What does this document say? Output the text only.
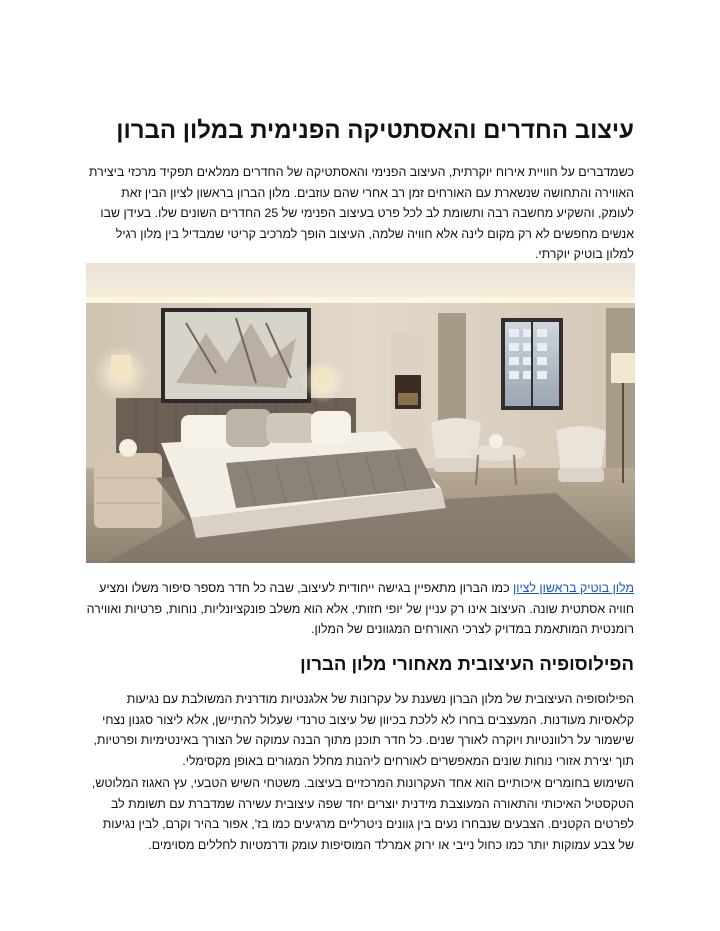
עיצוב החדרים והאסתטיקה הפנימית במלון הברון

כשמדברים על חוויית אירוח יוקרתית, העיצוב הפנימי והאסתטיקה של החדרים ממלאים תפקיד מרכזי ביצירת האווירה והתחושה שנשארת עם האורחים זמן רב אחרי שהם עוזבים. מלון הברון בראשון לציון הבין זאת לעומק, והשקיע מחשבה רבה ותשומת לב לכל פרט בעיצוב הפנימי של 25 החדרים השונים שלו. בעידן שבו אנשים מחפשים לא רק מקום לינה אלא חוויה שלמה, העיצוב הופך למרכיב קריטי שמבדיל בין מלון רגיל למלון בוטיק יוקרתי.

מלון בוטיק בראשון לציון כמו הברון מתאפיין בגישה ייחודית לעיצוב, שבה כל חדר מספר סיפור משלו ומציע חוויה אסתטית שונה. העיצוב אינו רק עניין של יופי חזותי, אלא הוא משלב פונקציונליות, נוחות, פרטיות ואווירה רומנטית המותאמת במדויק לצרכי האורחים המגוונים של המלון.

הפילוסופיה העיצובית מאחורי מלון הברון

הפילוסופיה העיצובית של מלון הברון נשענת על עקרונות של אלגנטיות מודרנית המשולבת עם נגיעות קלאסיות מעודנות. המעצבים בחרו לא ללכת בכיוון של עיצוב טרנדי שעלול להתיישן, אלא ליצור סגנון נצחי שישמור על רלוונטיות ויוקרה לאורך שנים. כל חדר תוכנן מתוך הבנה עמוקה של הצורך באינטימיות ופרטיות, תוך יצירת אזורי נוחות שונים המאפשרים לאורחים ליהנות מחלל המגורים באופן מקסימלי.

השימוש בחומרים איכותיים הוא אחד העקרונות המרכזיים בעיצוב. משטחי השיש הטבעי, עץ האגוז המלוטש, הטקסטיל האיכותי והתאורה המעוצבת מידנית יוצרים יחד שפה עיצובית עשירה שמדברת עם תשומת לב לפרטים הקטנים. הצבעים שנבחרו נעים בין גוונים ניטרליים מרגיעים כמו בז', אפור בהיר וקרם, לבין נגיעות של צבע עמוקות יותר כמו כחול נייבי או ירוק אמרלד המוסיפות עומק ודרמטיות לחללים מסוימים.
